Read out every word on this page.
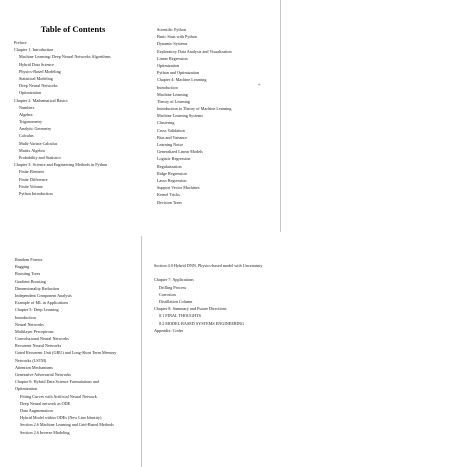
Table of Contents
Preface
Chapter 1: Introduction
Machine Learning: Deep Neural Networks Algorithms
Hybrid Data Science
Physics-Based Modeling
Statistical Modeling
Deep Neural Networks
Optimization
Chapter 2: Mathematical Basics
Numbers
Algebra
Trigonometry
Analytic Geometry
Calculus
Multi-Variate Calculus
Matrix Algebra
Probability and Statistics
Chapter 3: Science and Engineering Methods in Python
Finite Element
Finite Difference
Finite Volume
Python Introduction
Scientific Python
Basic Stats with Python
Dynamic Systems
Exploratory Data Analysis and Visualization
Linear Regression
Optimization
Python and Optimization
Chapter 4: Machine Learning
Introduction
Machine Learning
Theory of Learning
Introduction to Theory of Machine Learning
Machine Learning Systems
Clustering
Cross Validation
Bias and Variance
Learning Noise
Generalized Linear Models
Logistic Regression
Regularization
Ridge Regression
Lasso Regression
Support Vector Machines
Kernel Tricks
Decision Trees
*
Random Forests
Bagging
Boosting Trees
Gradient Boosting
Dimensionality Reduction
Independent Component Analysis
Example of ML in Applications
Chapter 5: Deep Learning
Introduction
Neural Networks
Multilayer Perceptrons
Convolutional Neural Networks
Recurrent Neural Networks
Gated Recurrent Unit (GRU) and Long-Short Term Memory Networks (LSTM)
Attention Mechanisms
Generative Adversarial Networks
Chapter 6: Hybrid Data Science Formulations and Optimization
Fitting Curves with Artificial Neural Network
Deep Neural network as ODE
Data Augmentation
Hybrid Model within ODEs (New Line Identity)
Section 2.6 Machine Learning and Grid-Based Methods
Section 2.6 Inverse Modeling
Section 4.0 Hybrid DNN, Physics-based model with Uncertainty
Chapter 7: Applications
Drilling Process
Corrosion
Distillation Column
Chapter 8: Summary and Future Directions
8.1 FINAL THOUGHTS
8.2 MODEL BASED SYSTEMS ENGINEERING
Appendix: Codes
